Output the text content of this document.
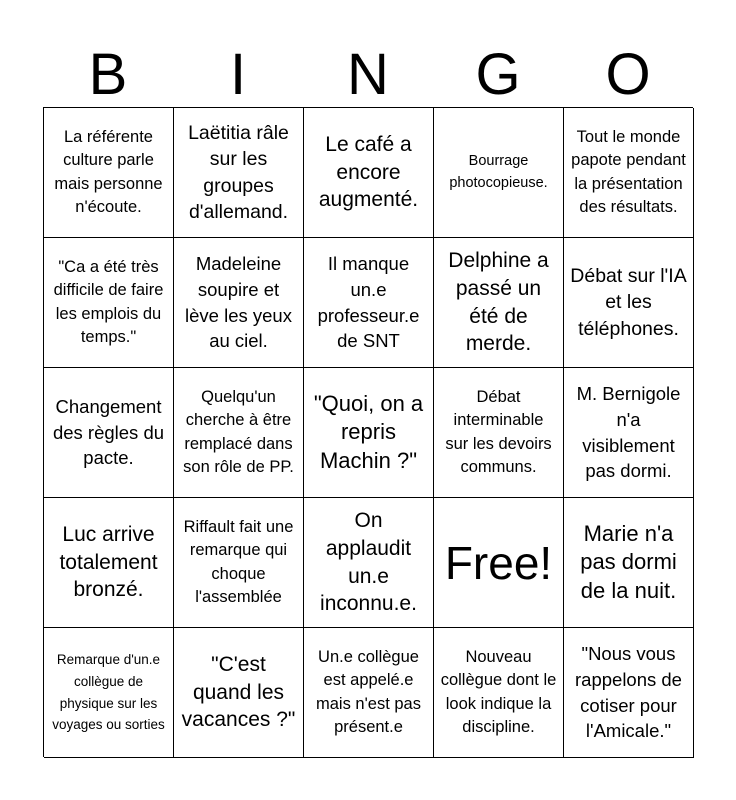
B	I	N	G	O
La référente culture parle mais personne n'écoute.
Laëtitia râle sur les groupes d'allemand.
Le café a encore augmenté.
Bourrage photocopieuse.
Tout le monde papote pendant la présentation des résultats.
"Ca a été très difficile de faire les emplois du temps."
Madeleine soupire et lève les yeux au ciel.
Il manque un.e professeur.e de SNT
Delphine a passé un été de merde.
Débat sur l'IA et les téléphones.
Changement des règles du pacte.
Quelqu'un cherche à être remplacé dans son rôle de PP.
"Quoi, on a repris Machin ?"
Débat interminable sur les devoirs communs.
M. Bernigole n'a visiblement pas dormi.
Luc arrive totalement bronzé.
Riffault fait une remarque qui choque l'assemblée
On applaudit un.e inconnu.e.
Free!
Marie n'a pas dormi de la nuit.
Remarque d'un.e collègue de physique sur les voyages ou sorties
"C'est quand les vacances ?"
Un.e collègue est appelé.e mais n'est pas présent.e
Nouveau collègue dont le look indique la discipline.
"Nous vous rappelons de cotiser pour l'Amicale."
